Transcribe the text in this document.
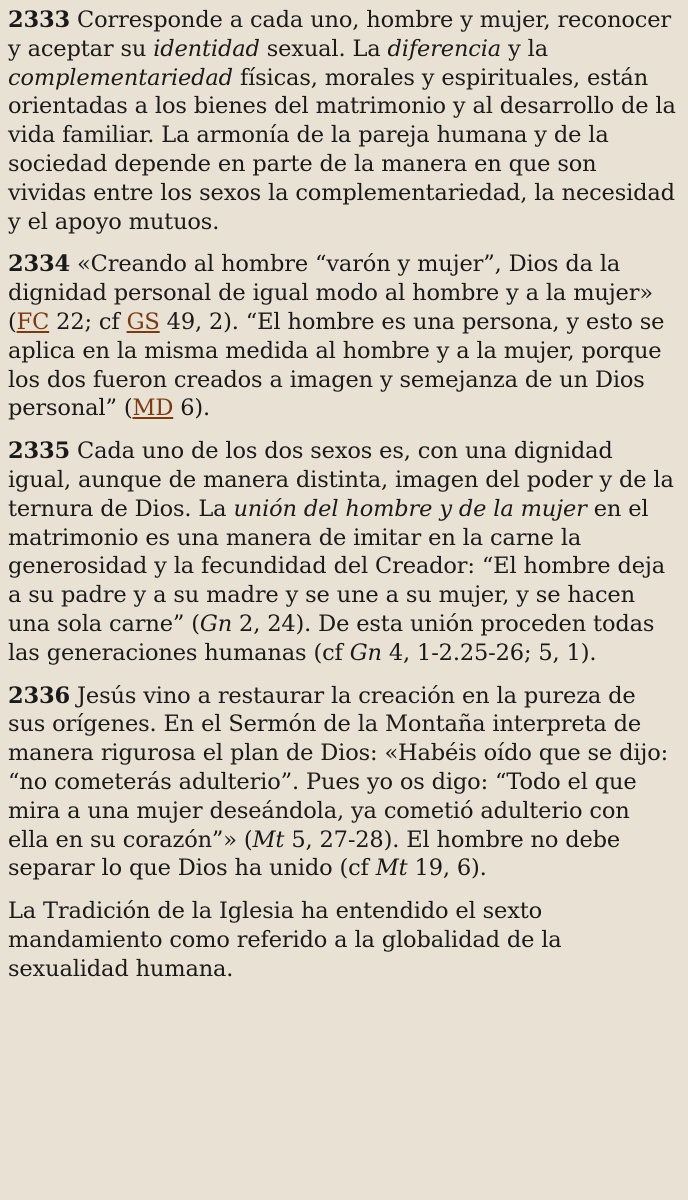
2333 Corresponde a cada uno, hombre y mujer, reconocer y aceptar su identidad sexual. La diferencia y la complementariedad físicas, morales y espirituales, están orientadas a los bienes del matrimonio y al desarrollo de la vida familiar. La armonía de la pareja humana y de la sociedad depende en parte de la manera en que son vividas entre los sexos la complementariedad, la necesidad y el apoyo mutuos.

2334 «Creando al hombre “varón y mujer”, Dios da la dignidad personal de igual modo al hombre y a la mujer» (FC 22; cf GS 49, 2). “El hombre es una persona, y esto se aplica en la misma medida al hombre y a la mujer, porque los dos fueron creados a imagen y semejanza de un Dios personal” (MD 6).

2335 Cada uno de los dos sexos es, con una dignidad igual, aunque de manera distinta, imagen del poder y de la ternura de Dios. La unión del hombre y de la mujer en el matrimonio es una manera de imitar en la carne la generosidad y la fecundidad del Creador: “El hombre deja a su padre y a su madre y se une a su mujer, y se hacen una sola carne” (Gn 2, 24). De esta unión proceden todas las generaciones humanas (cf Gn 4, 1-2.25-26; 5, 1).

2336 Jesús vino a restaurar la creación en la pureza de sus orígenes. En el Sermón de la Montaña interpreta de manera rigurosa el plan de Dios: «Habéis oído que se dijo: “no cometerás adulterio”. Pues yo os digo: “Todo el que mira a una mujer deseándola, ya cometió adulterio con ella en su corazón”» (Mt 5, 27-28). El hombre no debe separar lo que Dios ha unido (cf Mt 19, 6).

La Tradición de la Iglesia ha entendido el sexto mandamiento como referido a la globalidad de la sexualidad humana.
